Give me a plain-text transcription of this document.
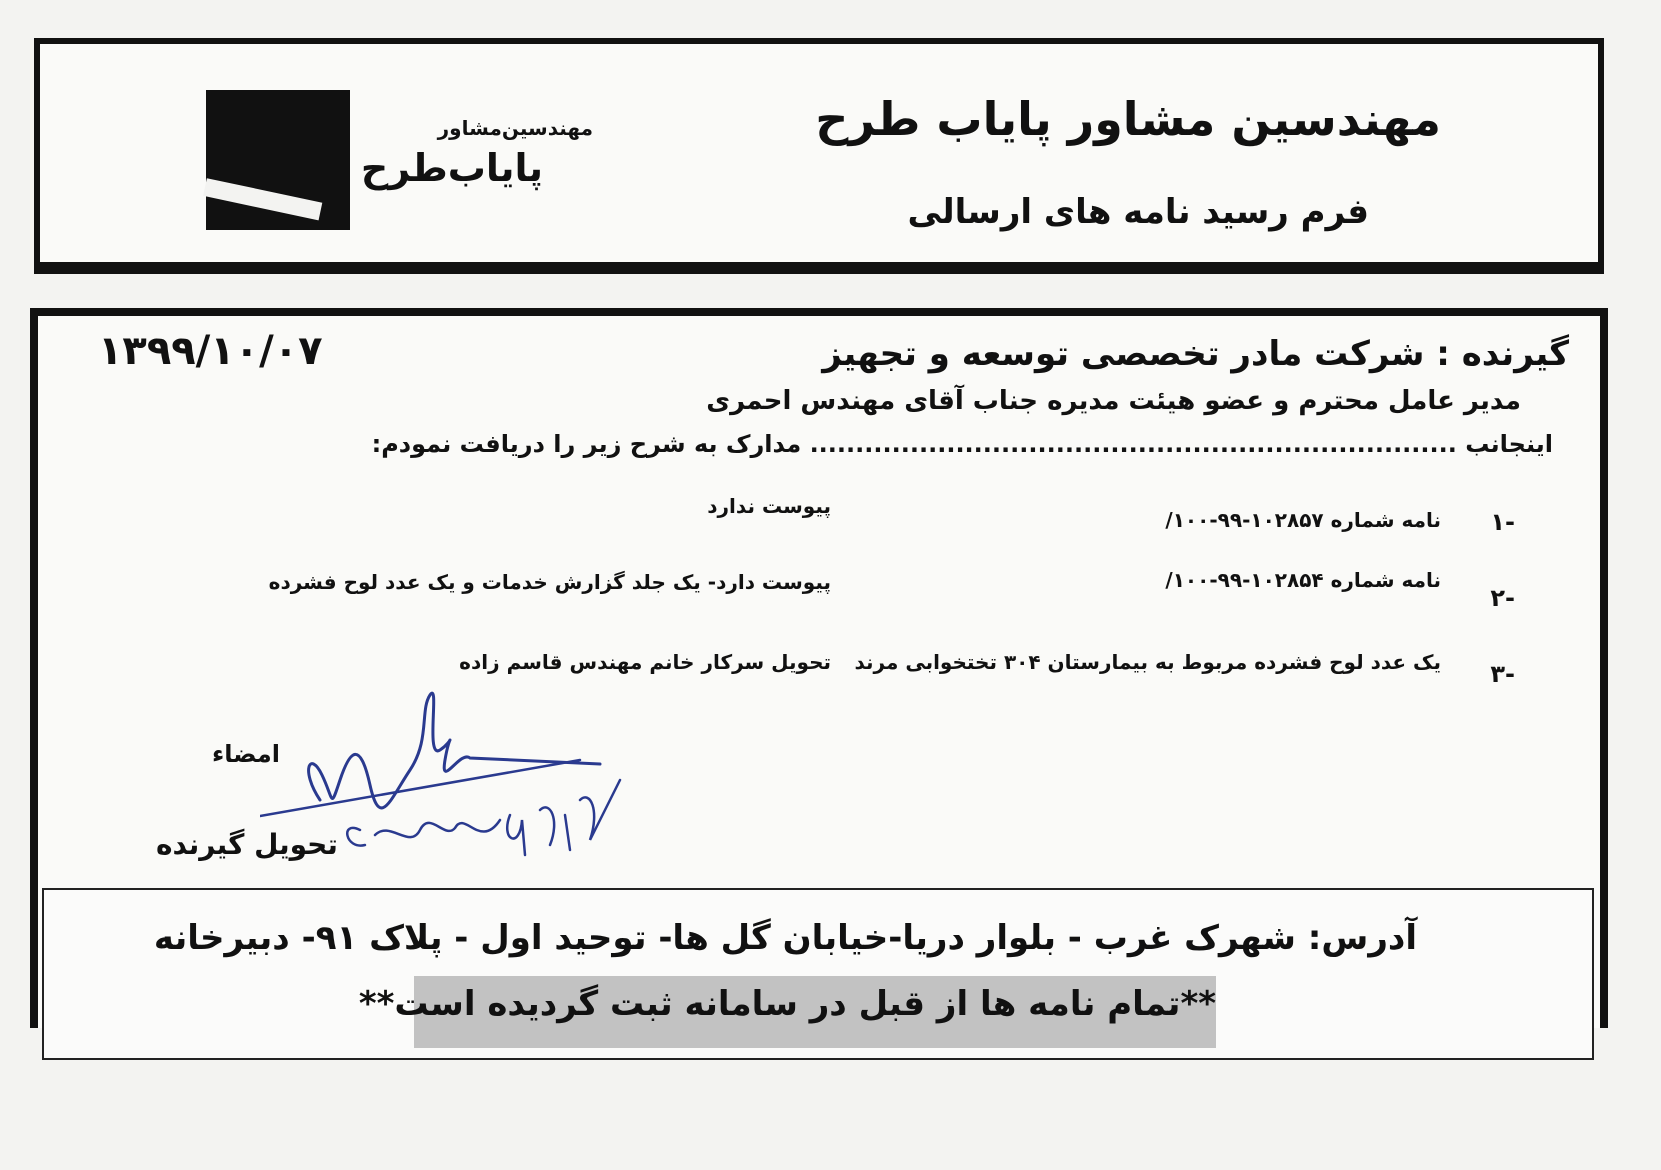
مهندسین‌مشاور
پایاب‌طرح
مهندسین مشاور پایاب طرح
فرم رسید نامه های ارسالی
۱۳۹۹/۱۰/۰۷	گیرنده : شرکت مادر تخصصی توسعه و تجهیز
مدیر عامل محترم و عضو هیئت مدیره جناب آقای مهندس احمری
اینجانب ....................................................................... مدارک به شرح زیر را دریافت نمودم:
۱-
نامه شماره ۱۰۲۸۵۷-۹۹-۱۰۰/
پیوست ندارد
۲-
نامه شماره ۱۰۲۸۵۴-۹۹-۱۰۰/
پیوست دارد- یک جلد گزارش خدمات و یک عدد لوح فشرده
۳-
یک عدد لوح فشرده مربوط به بیمارستان ۳۰۴ تختخوابی مرند
تحویل سرکار خانم مهندس قاسم زاده
امضاء
تحویل گیرنده
آدرس: شهرک غرب - بلوار دریا-خیابان گل ها- توحید اول - پلاک ۹۱- دبیرخانه
**تمام نامه ها از قبل در سامانه ثبت گردیده است**
